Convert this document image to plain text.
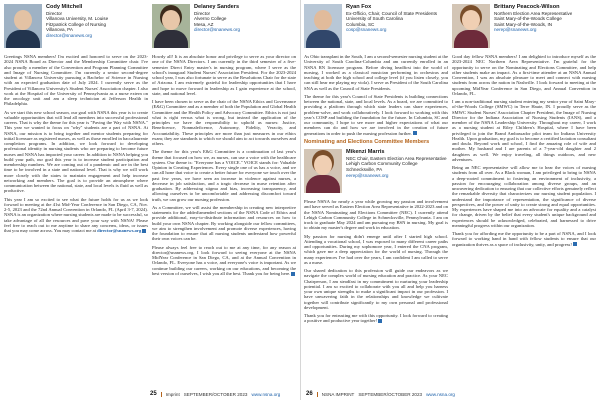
Cody Mitchell
Director
Villanova University, M. Louise
Fitzpatrick College of Nursing
Villanova, PA
director@snanews.org

Greetings NSNA members! I'm excited and honored to serve on the 2023-2024 NSNA Board as Director and the Membership Committee chair. I've also proudly a member of the Convention and Program Planning Committee and Image of Nursing Committee. I'm currently a senior second-degree student at Villanova University pursuing a Bachelor of Science in Nursing with an expected graduation date of July 2024. I currently serve as the President of Villanova University's Student Nurses' Association chapter. I also work at the Hospital of the University of Pennsylvania as a nurse extern on the oncology unit and am a sleep technician at Jefferson Health in Philadelphia.

As we start this new school season, our goal with NSNA this year is to create valuable opportunities that will lead all members into successful professional careers. That is why the theme for this year is "Paving the Way with NSNA." This year we wanted to focus on "why" students are a part of NSNA. At NSNA, our mission is to bring together and mentor students preparing for initial licensure as registered nurses, as well as those enrolled in baccalaureate completion programs. In addition, we look forward to developing professional identity in nursing students who are preparing to become future nurses and NSNA has impacted your career. In addition to NSNA helping you build your path, our goal this year is to increase student participation and membership numbers. We are coming out of a pandemic and are in the best time to be involved in a state and national level. That is why we will work more closely with the states to maintain engagement and help increase networking and members. The goal is to provide an atmosphere where communication between the national, state, and local levels is fluid as well as productive.

This year I am so excited to see what the future holds for us as we look forward to meeting at the 41st Mid-Year Conference in San Diego, CA, Nov. 2-5, 2023 and the 72nd Annual Convention in Orlando, FL (April 3-7, 2024). NSNA is an organization where nursing students are made to be successful, so take advantage of all the resources and pave your way with NSNA! Please feel free to reach out to me anytime to share any concerns, ideas, or issues that you may come across. You may contact me at director@snanews.org

Delaney Sanders
Director
Alverno College
Mesa, AZ
director@snanews.org

Howdy all! It is an absolute honor and privilege to serve as your director on one of the NSNA Directors. I am currently in the third semester of a five-semester Direct Entry master's in nursing program, where I serve as the school's inaugural Student Nurses' Association President. For the 2023-2024 school year, I was also fortunate to serve as the Resolutions Chair for the state of Arizona. I am extremely grateful for leadership opportunities that I have and hope to move forward in leadership as I gain experience at the school, state, and national level.

I have been chosen to serve as the chair of the NSNA Ethics and Governance (E&G) Committee and as a member of both the Population and Global Health Committee and the Health Policy and Advocacy Committee. Ethics is not just what is right versus what is wrong, but instead the application of the principles we have the responsibility to uphold as nurses: Justice, Beneficence, Nonmaleficence, Autonomy, Fidelity, Veracity, and Accountability. These principles are more than just measures in our ethics exam; they are standards to which we should aim to act towards ourselves and others.

The theme for this year's E&G Committee is a continuation of last year's theme that focused on how we, as nurses, can use a voice with the healthcare system. Our theme is: "Everyone has a VOICE." VOICE stands for: Valuable Opinion in Creating Experiences. Every single one of us has a voice, and we can all hone that voice to create a better future for everyone we touch over the past few years, we have seen an increase in violence against nurses, a decrease in job satisfaction, and a tragic decrease in nurse retention after graduation. By addressing stigma and bias, increasing transparency, and allowing ourselves to be uncomfortable and addressing discomfort toward truth, we can grow our nursing profession.

As a Committee, we will assist the membership in creating new interpretive statements for the added/amended sections of the NSNA Code of Ethics and provide additional, easy-to-distribute information and resources on how to build your own NSNA chapter. By working alongside our fellow committees, we aim to strengthen involvement and promote diverse experiences, having the foundation to ensure that all nursing students understand how powerful their own voices can be.

Please always feel free to reach out to me at any time, for any reason at director@snanews.org. I look forward to seeing everyone at the NSNA MidYear Conference in San Diego, CA, and at the Annual Convention in Orlando, FL. Everyone has a voice, and everyone's voice is important. As we continue building our careers, working on our educations, and becoming the best version of ourselves, I wish you all the best. Thank you for being here.

25 Imprint SEPTEMBER/OCTOBER 2023 www.nsna.org
Ryan Fox
Ex-Officio, Chair, Council of State Presidents
University of South Carolina
Columbia, SC
cosp@snanews.org

As Ohio transplant in the South, I am a second-semester nursing student at the University of South Carolina-Columbia and am currently enrolled in an NSNA RN licensure program. Before diving headfirst into the world of nursing, I worked as a classical musician performing in orchestras and teaching at both the high school and college level (if you listen closely, you can still hear me playing my viola). I serve as President of the South Carolina SNA as well as the Council of State Presidents.

The theme for this year's Council of State Presidents is building connections between the national, state, and local levels. As a board, we are committed to providing a platform through which state leaders can share experiences, problem-solve, and work collaboratively. I look forward to working with this year's COSP and building the foundation for the future. In Columbia, SC and our community, I hope to see more and higher expectations of what our members can do and how we are involved in the creation of future generations in order to push the nursing profession further.

Nominating and Elections Committee Members
Mikenzi Marris
NEC Chair, Eastern Election Area Representative
Lehigh Carbon Community College
Schnecksville, PA
eerep@snanews.org

Please NSNA for nearly a year while growing my passion and involvement and have served as Eastern Election Area Representative in 2022-2023 and on the NSNA Nominating and Elections Committee (NEC). I currently attend Lehigh Carbon Community College in Schnecksville, Pennsylvania. I am on track to graduate May 2024 and am pursuing my BSN in nursing. My goal is to obtain my master's degree and work in education.

My passion for nursing didn't emerge until after I started high school. Attending a vocational school, I was exposed to many different career paths and opportunities. During my sophomore year, I entered the CNA program, which gave me a deep appreciation for the world of nursing. Through the many experiences I've had over the years, I am confident I am called to serve as a nurse.

Our shared dedication to this profession will guide our endeavors as we navigate the complex world of nursing education and practice. As your NEC Chairperson, I am steadfast in my commitment to nurturing your leadership potential. I am so excited to collaborate with you all and help you harness your own unique strengths to make a significant impact in our profession. I have unwavering faith in the relationships and knowledge we cultivate together will contribute significantly to my own personal and professional development.

Thank you for entrusting me with this opportunity. I look forward to creating a positive and productive year together!

Brittany Peacock-Wilson
Northern Election Area Representative
Saint Mary-of-the-Woods College
Saint Mary-of-the-Woods, IN
nerep@snanews.org

Good day fellow NSNA members! I am delighted to introduce myself as the 2023-2024 NEC Northern Area Representative. I'm grateful for the opportunity to serve on the Nominating and Elections Committee, and help other students make an impact. As a first-time attendee at an NSNA Annual Convention, I was an absolute pleasure to meet and connect with nursing students from across the nation in Nashville. I look forward to meeting at the upcoming MidYear Conference in San Diego, and Annual Convention in Orlando, FL.

I am a non-traditional nursing student entering my senior year of Saint Mary-of-the-Woods College (SMWC) in Terre Haute, IN. I proudly serve as the SMWC Student Nurses' Association Chapter President, the Image of Nursing Director for the Indiana Association of Nursing Students (IANS), and a member of the NSNA Leadership University. Throughout my career, I work as a nursing student at Riley Children's Hospital, where I have been privileged to join the Brand Ambassador pilot team for Indiana University Health. Upon graduation, my goal is to become a certified lactation consultant and doula. Beyond work and school, I find the amazing role of wife and mother. My husband and I are parents of a 7-year-old daughter and 2 daughters as well. We enjoy traveling, all things outdoors, and new adventures.

Being an NEC representative will allow me to hear the voices of nursing students from all over. As a Black woman, I am privileged to bring to NSNA a deep-rooted commitment to fostering an environment of inclusivity, a passion for encouraging collaboration among diverse groups, and an unwavering dedication to ensuring that our collective efforts genuinely reflect the remarkable diversity that characterizes our nursing student population. I understand the importance of representation, the significance of diverse perspectives, and the power of unity to create strong and equal opportunities. My experiences have shaped me into an advocate for equality and a catalyst for change, driven by the belief that every student's unique background and experiences should be acknowledged, celebrated, and harnessed to drive meaningful progress within our organization.

Thank you for affording me the opportunity to be a part of NSNA, and I look forward to working hand in hand with fellow students to ensure that our organization thrives as a space of inclusivity, unity, and progress!

26 NSNA IMPRINT SEPTEMBER/OCTOBER 2023 www.nsna.org
